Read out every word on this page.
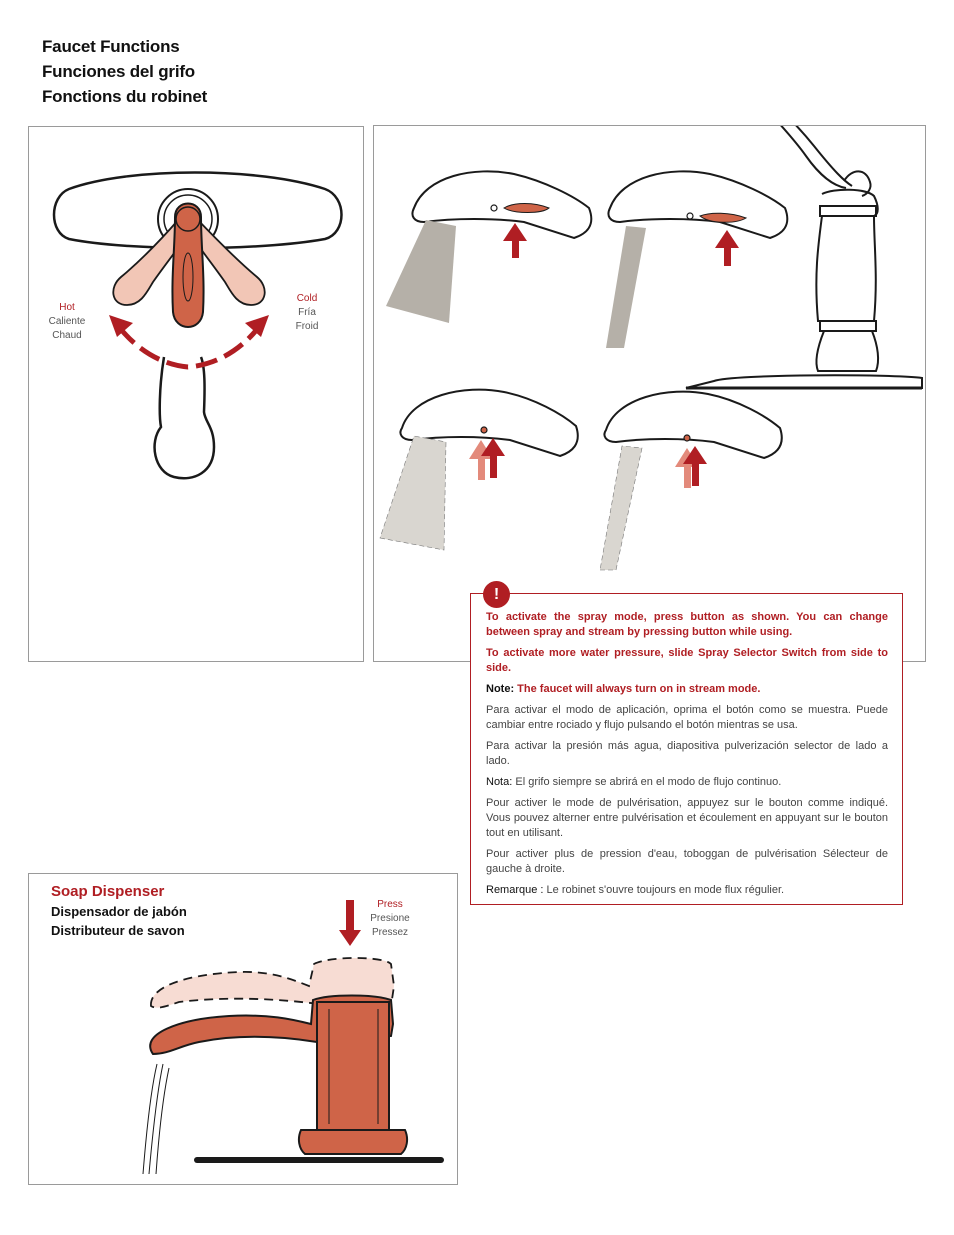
Faucet Functions
Funciones del grifo
Fonctions du robinet
Hot
Caliente
Chaud
Cold
Fría
Froid
!

To activate the spray mode, press button as shown. You can change between spray and stream by pressing button while using.

To activate more water pressure, slide Spray Selector Switch from side to side.

Note: The faucet will always turn on in stream mode.

Para activar el modo de aplicación, oprima el botón como se muestra. Puede cambiar entre rociado y flujo pulsando el botón mientras se usa.

Para activar la presión más agua, diapositiva pulverización selector de lado a lado.

Nota: El grifo siempre se abrirá en el modo de flujo continuo.

Pour activer le mode de pulvérisation, appuyez sur le bouton comme indiqué. Vous pouvez alterner entre pulvérisation et écoulement en appuyant sur le bouton tout en utilisant.

Pour activer plus de pression d'eau, toboggan de pulvérisation Sélecteur de gauche à droite.

Remarque : Le robinet s'ouvre toujours en mode flux régulier.

Soap Dispenser
Dispensador de jabón
Distributeur de savon
Press
Presione
Pressez
